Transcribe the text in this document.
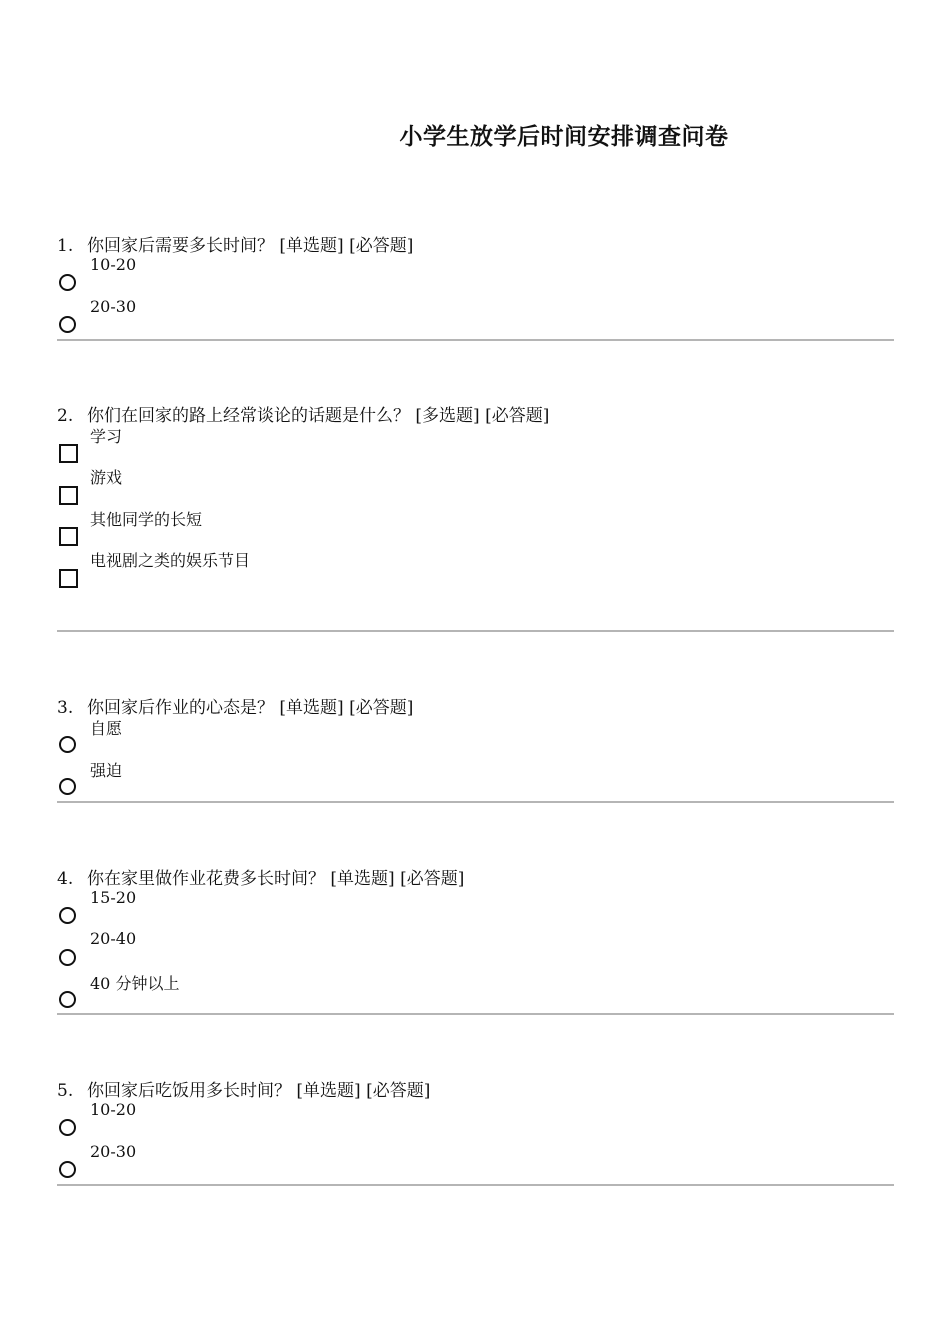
小学生放学后时间安排调查问卷
1. 你回家后需要多长时间？ [单选题] [必答题]
10-20
20-30
2. 你们在回家的路上经常谈论的话题是什么？ [多选题] [必答题]
学习
游戏
其他同学的长短
电视剧之类的娱乐节目
3. 你回家后作业的心态是？ [单选题] [必答题]
自愿
强迫
4. 你在家里做作业花费多长时间？ [单选题] [必答题]
15-20
20-40
40 分钟以上
5. 你回家后吃饭用多长时间？ [单选题] [必答题]
10-20
20-30
